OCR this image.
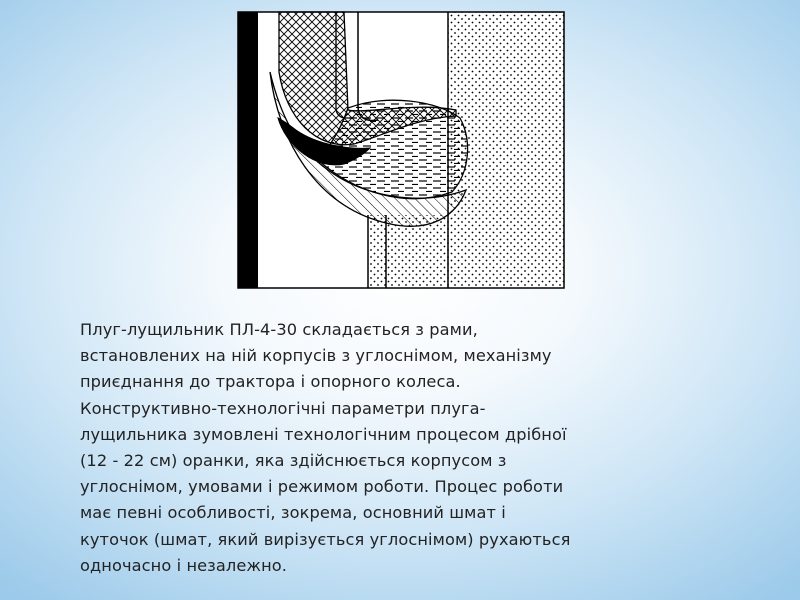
Плуг-лущильник ПЛ-4-30 складається з рами,
встановлених на ній корпусів з углоснімом, механізму
приєднання до трактора і опорного колеса.
Конструктивно-технологічні параметри плуга-
лущильника зумовлені технологічним процесом дрібної
(12 - 22 см) оранки, яка здійснюється корпусом з
углоснімом, умовами і режимом роботи. Процес роботи
має певні особливості, зокрема, основний шмат і
куточок (шмат, який вирізується углоснімом) рухаються
одночасно і незалежно.
